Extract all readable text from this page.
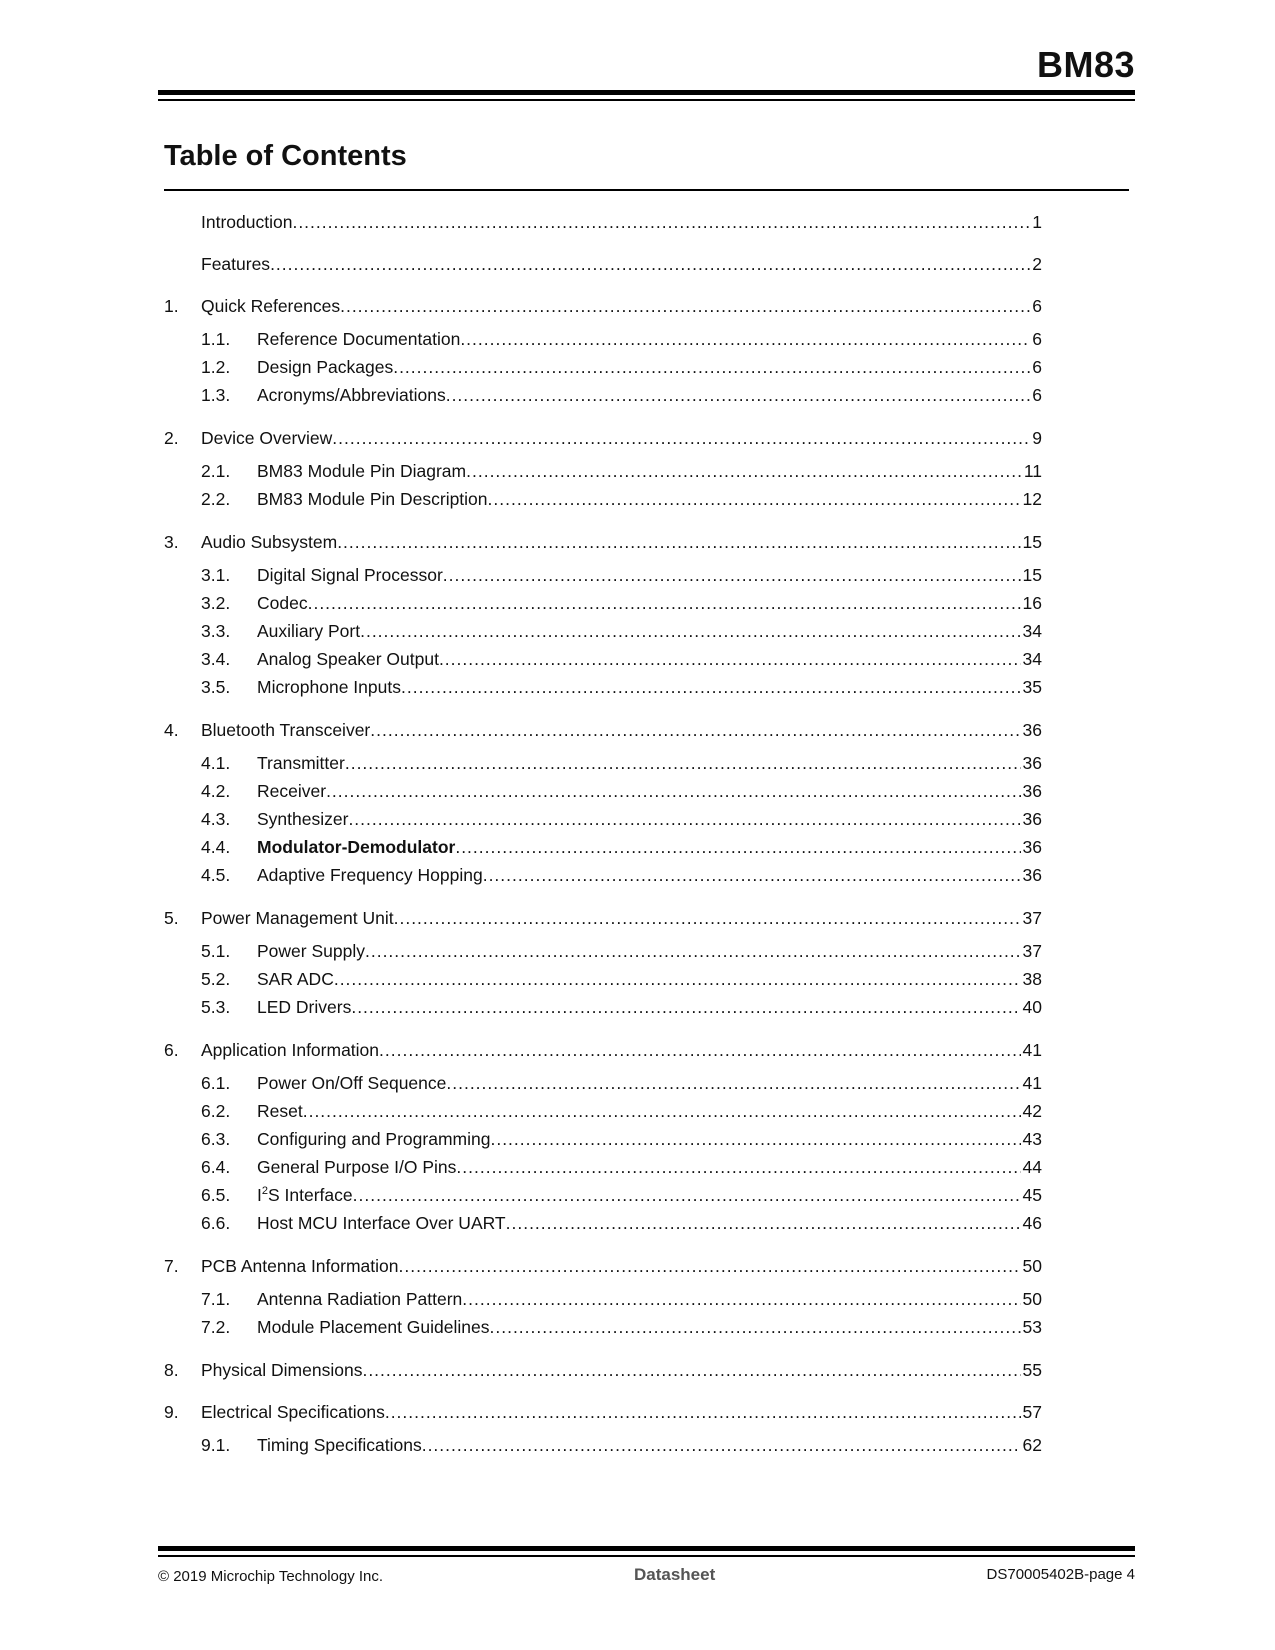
BM83
Table of Contents
Introduction .....	1
Features .....	2
1.	Quick References .....	6
1.1.	Reference Documentation .....	6
1.2.	Design Packages .....	6
1.3.	Acronyms/Abbreviations .....	6
2.	Device Overview .....	9
2.1.	BM83 Module Pin Diagram .....	11
2.2.	BM83 Module Pin Description .....	12
3.	Audio Subsystem .....	15
3.1.	Digital Signal Processor .....	15
3.2.	Codec .....	16
3.3.	Auxiliary Port .....	34
3.4.	Analog Speaker Output .....	34
3.5.	Microphone Inputs .....	35
4.	Bluetooth Transceiver .....	36
4.1.	Transmitter .....	36
4.2.	Receiver .....	36
4.3.	Synthesizer .....	36
4.4.	Modulator-Demodulator .....	36
4.5.	Adaptive Frequency Hopping .....	36
5.	Power Management Unit .....	37
5.1.	Power Supply .....	37
5.2.	SAR ADC .....	38
5.3.	LED Drivers .....	40
6.	Application Information .....	41
6.1.	Power On/Off Sequence .....	41
6.2.	Reset .....	42
6.3.	Configuring and Programming .....	43
6.4.	General Purpose I/O Pins .....	44
6.5.	$I^2S$ Interface .....	45
6.6.	Host MCU Interface Over UART .....	46
7.	PCB Antenna Information .....	50
7.1.	Antenna Radiation Pattern .....	50
7.2.	Module Placement Guidelines .....	53
8.	Physical Dimensions .....	55
9.	Electrical Specifications .....	57
9.1.	Timing Specifications .....	62
© 2019 Microchip Technology Inc.	Datasheet	DS70005402B-page 4
